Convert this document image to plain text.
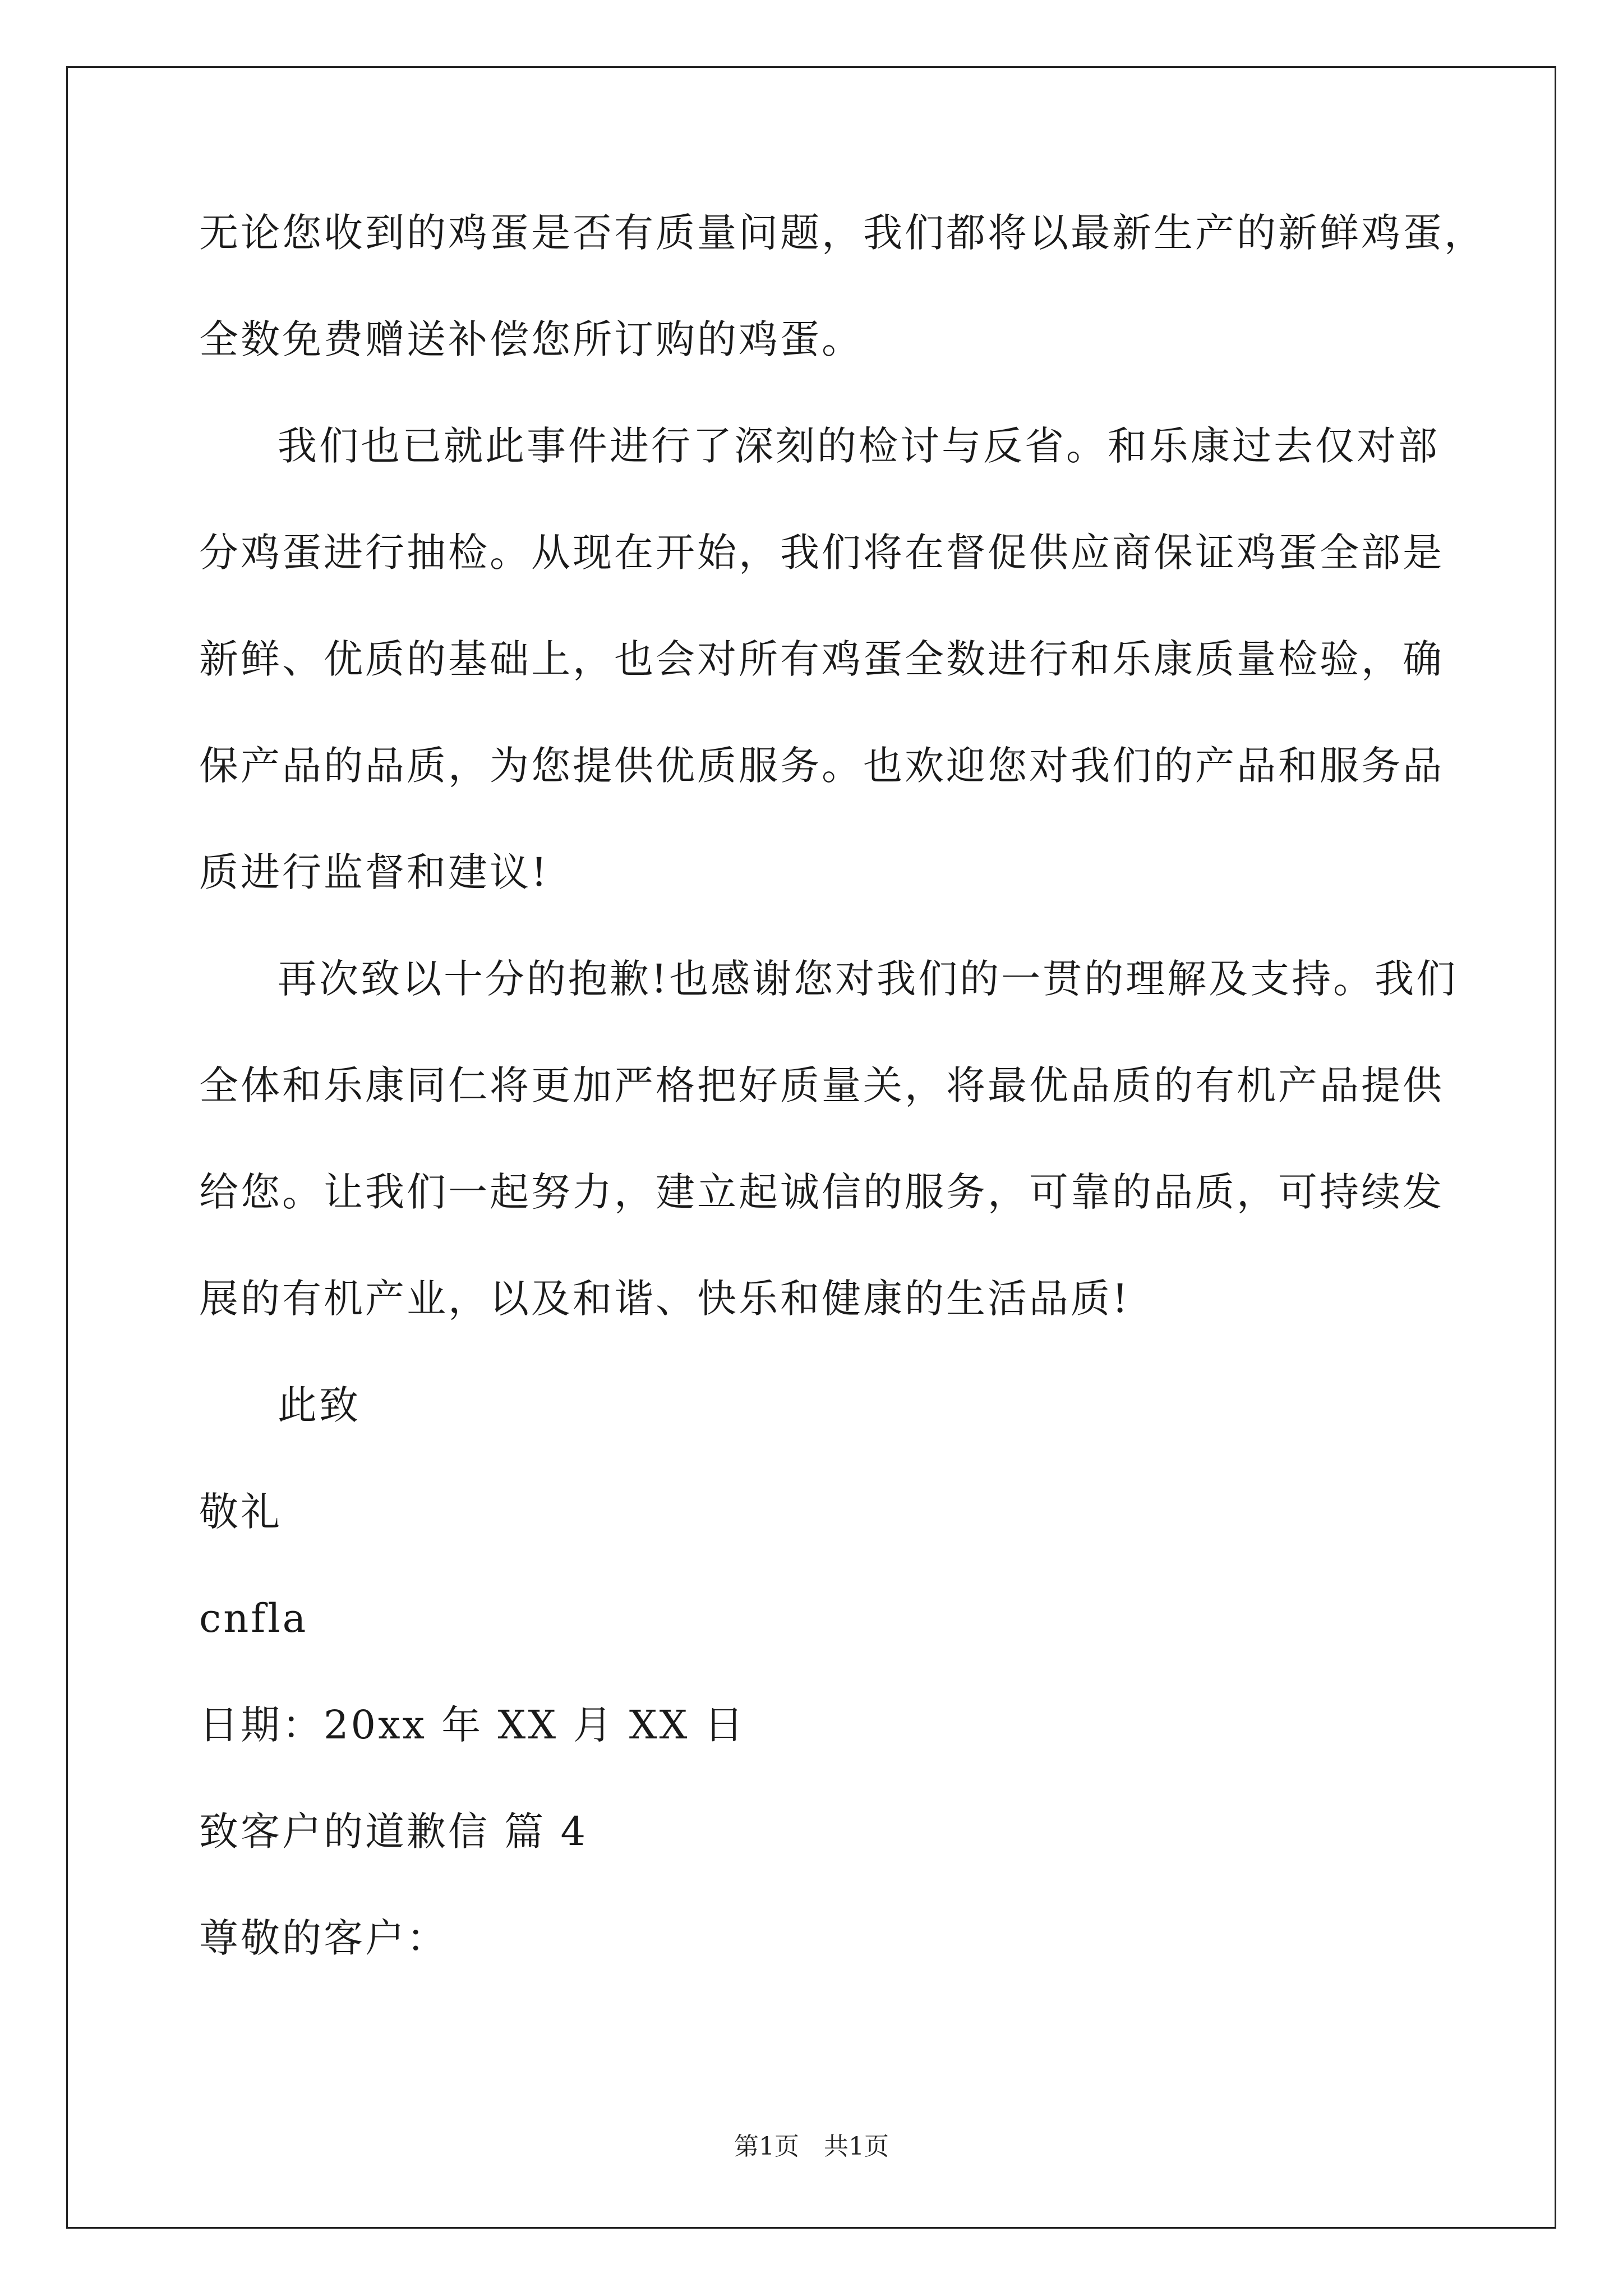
无论您收到的鸡蛋是否有质量问题，我们都将以最新生产的新鲜鸡蛋，
全数免费赠送补偿您所订购的鸡蛋。
我们也已就此事件进行了深刻的检讨与反省。和乐康过去仅对部
分鸡蛋进行抽检。从现在开始，我们将在督促供应商保证鸡蛋全部是
新鲜、优质的基础上，也会对所有鸡蛋全数进行和乐康质量检验，确
保产品的品质，为您提供优质服务。也欢迎您对我们的产品和服务品
质进行监督和建议!
再次致以十分的抱歉!也感谢您对我们的一贯的理解及支持。我们
全体和乐康同仁将更加严格把好质量关，将最优品质的有机产品提供
给您。让我们一起努力，建立起诚信的服务，可靠的品质，可持续发
展的有机产业，以及和谐、快乐和健康的生活品质!
此致
敬礼
cnfla
日期：20xx 年 XX 月 XX 日
致客户的道歉信 篇 4
尊敬的客户：
第1页　共1页
